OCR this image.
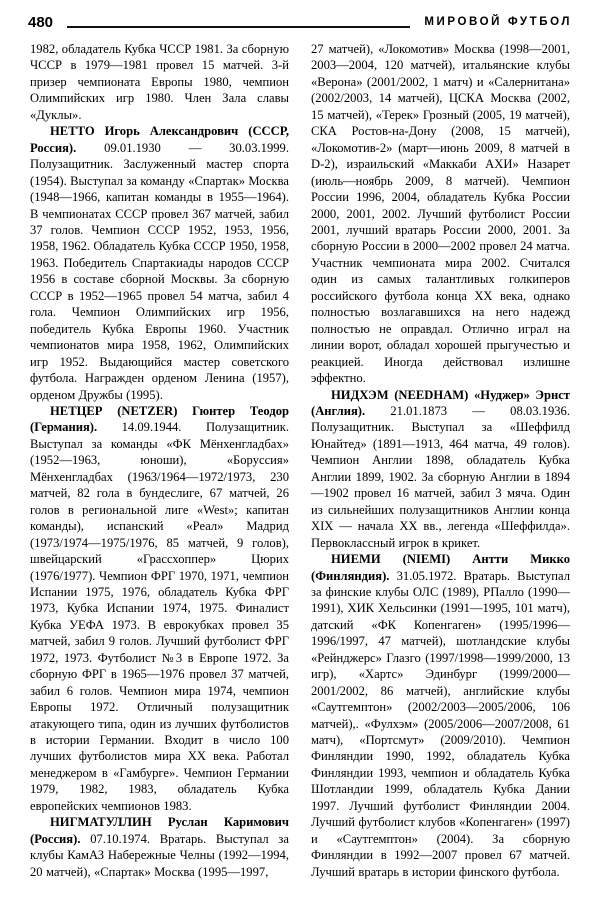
480	МИРОВОЙ ФУТБОЛ

1982, обладатель Кубка ЧССР 1981. За сборную ЧССР в 1979—1981 провел 15 матчей. 3-й призер чемпионата Европы 1980, чемпион Олимпийских игр 1980. Член Зала славы «Дуклы».

НЕТТО Игорь Александрович (СССР, Россия). 09.01.1930 — 30.03.1999. Полузащитник. Заслуженный мастер спорта (1954). Выступал за команду «Спартак» Москва (1948—1966, капитан команды в 1955—1964). В чемпионатах СССР провел 367 матчей, забил 37 голов. Чемпион СССР 1952, 1953, 1956, 1958, 1962. Обладатель Кубка СССР 1950, 1958, 1963. Победитель Спартакиады народов СССР 1956 в составе сборной Москвы. За сборную СССР в 1952—1965 провел 54 матча, забил 4 гола. Чемпион Олимпийских игр 1956, победитель Кубка Европы 1960. Участник чемпионатов мира 1958, 1962, Олимпийских игр 1952. Выдающийся мастер советского футбола. Награжден орденом Ленина (1957), орденом Дружбы (1995).

НЕТЦЕР (NETZER) Гюнтер Теодор (Германия). 14.09.1944. Полузащитник. Выступал за команды «ФК Мёнхенгладбах» (1952—1963, юноши), «Боруссия» Мёнхенгладбах (1963/1964—1972/1973, 230 матчей, 82 гола в бундеслиге, 67 матчей, 26 голов в региональной лиге «West»; капитан команды), испанский «Реал» Мадрид (1973/1974—1975/1976, 85 матчей, 9 голов), швейцарский «Грассхоппер» Цюрих (1976/1977). Чемпион ФРГ 1970, 1971, чемпион Испании 1975, 1976, обладатель Кубка ФРГ 1973, Кубка Испании 1974, 1975. Финалист Кубка УЕФА 1973. В еврокубках провел 35 матчей, забил 9 голов. Лучший футболист ФРГ 1972, 1973. Футболист №3 в Европе 1972. За сборную ФРГ в 1965—1976 провел 37 матчей, забил 6 голов. Чемпион мира 1974, чемпион Европы 1972. Отличный полузащитник атакующего типа, один из лучших футболистов в истории Германии. Входит в число 100 лучших футболистов мира XX века. Работал менеджером в «Гамбурге». Чемпион Германии 1979, 1982, 1983, обладатель Кубка европейских чемпионов 1983.

НИГМАТУЛЛИН Руслан Каримович (Россия). 07.10.1974. Вратарь. Выступал за клубы КамАЗ Набережные Челны (1992—1994, 20 матчей), «Спартак» Москва (1995—1997,

27 матчей), «Локомотив» Москва (1998—2001, 2003—2004, 120 матчей), итальянские клубы «Верона» (2001/2002, 1 матч) и «Салернитана» (2002/2003, 14 матчей), ЦСКА Москва (2002, 15 матчей), «Терек» Грозный (2005, 19 матчей), СКА Ростов-на-Дону (2008, 15 матчей), «Локомотив-2» (март—июнь 2009, 8 матчей в D-2), израильский «Маккаби АХИ» Назарет (июль—ноябрь 2009, 8 матчей). Чемпион России 1996, 2004, обладатель Кубка России 2000, 2001, 2002. Лучший футболист России 2001, лучший вратарь России 2000, 2001. За сборную России в 2000—2002 провел 24 матча. Участник чемпионата мира 2002. Считался один из самых талантливых голкиперов российского футбола конца XX века, однако полностью возлагавшихся на него надежд полностью не оправдал. Отлично играл на линии ворот, обладал хорошей прыгучестью и реакцией. Иногда действовал излишне эффектно.

НИДХЭМ (NEEDHAM) «Нуджер» Эрнст (Англия). 21.01.1873 — 08.03.1936. Полузащитник. Выступал за «Шеффилд Юнайтед» (1891—1913, 464 матча, 49 голов). Чемпион Англии 1898, обладатель Кубка Англии 1899, 1902. За сборную Англии в 1894—1902 провел 16 матчей, забил 3 мяча. Один из сильнейших полузащитников Англии конца XIX — начала XX вв., легенда «Шеффилда». Первоклассный игрок в крикет.

НИЕМИ (NIEMI) Антти Микко (Финляндия). 31.05.1972. Вратарь. Выступал за финские клубы ОЛС (1989), РПалло (1990—1991), ХИК Хельсинки (1991—1995, 101 матч), датский «ФК Копенгаген» (1995/1996—1996/1997, 47 матчей), шотландские клубы «Рейнджерс» Глазго (1997/1998—1999/2000, 13 игр), «Хартс» Эдинбург (1999/2000—2001/2002, 86 матчей), английские клубы «Саутгемптон» (2002/2003—2005/2006, 106 матчей),. «Фулхэм» (2005/2006—2007/2008, 61 матч), «Портсмут» (2009/2010). Чемпион Финляндии 1990, 1992, обладатель Кубка Финляндии 1993, чемпион и обладатель Кубка Шотландии 1999, обладатель Кубка Дании 1997. Лучший футболист Финляндии 2004. Лучший футболист клубов «Копенгаген» (1997) и «Саутгемптон» (2004). За сборную Финляндии в 1992—2007 провел 67 матчей. Лучший вратарь в истории финского футбола.
